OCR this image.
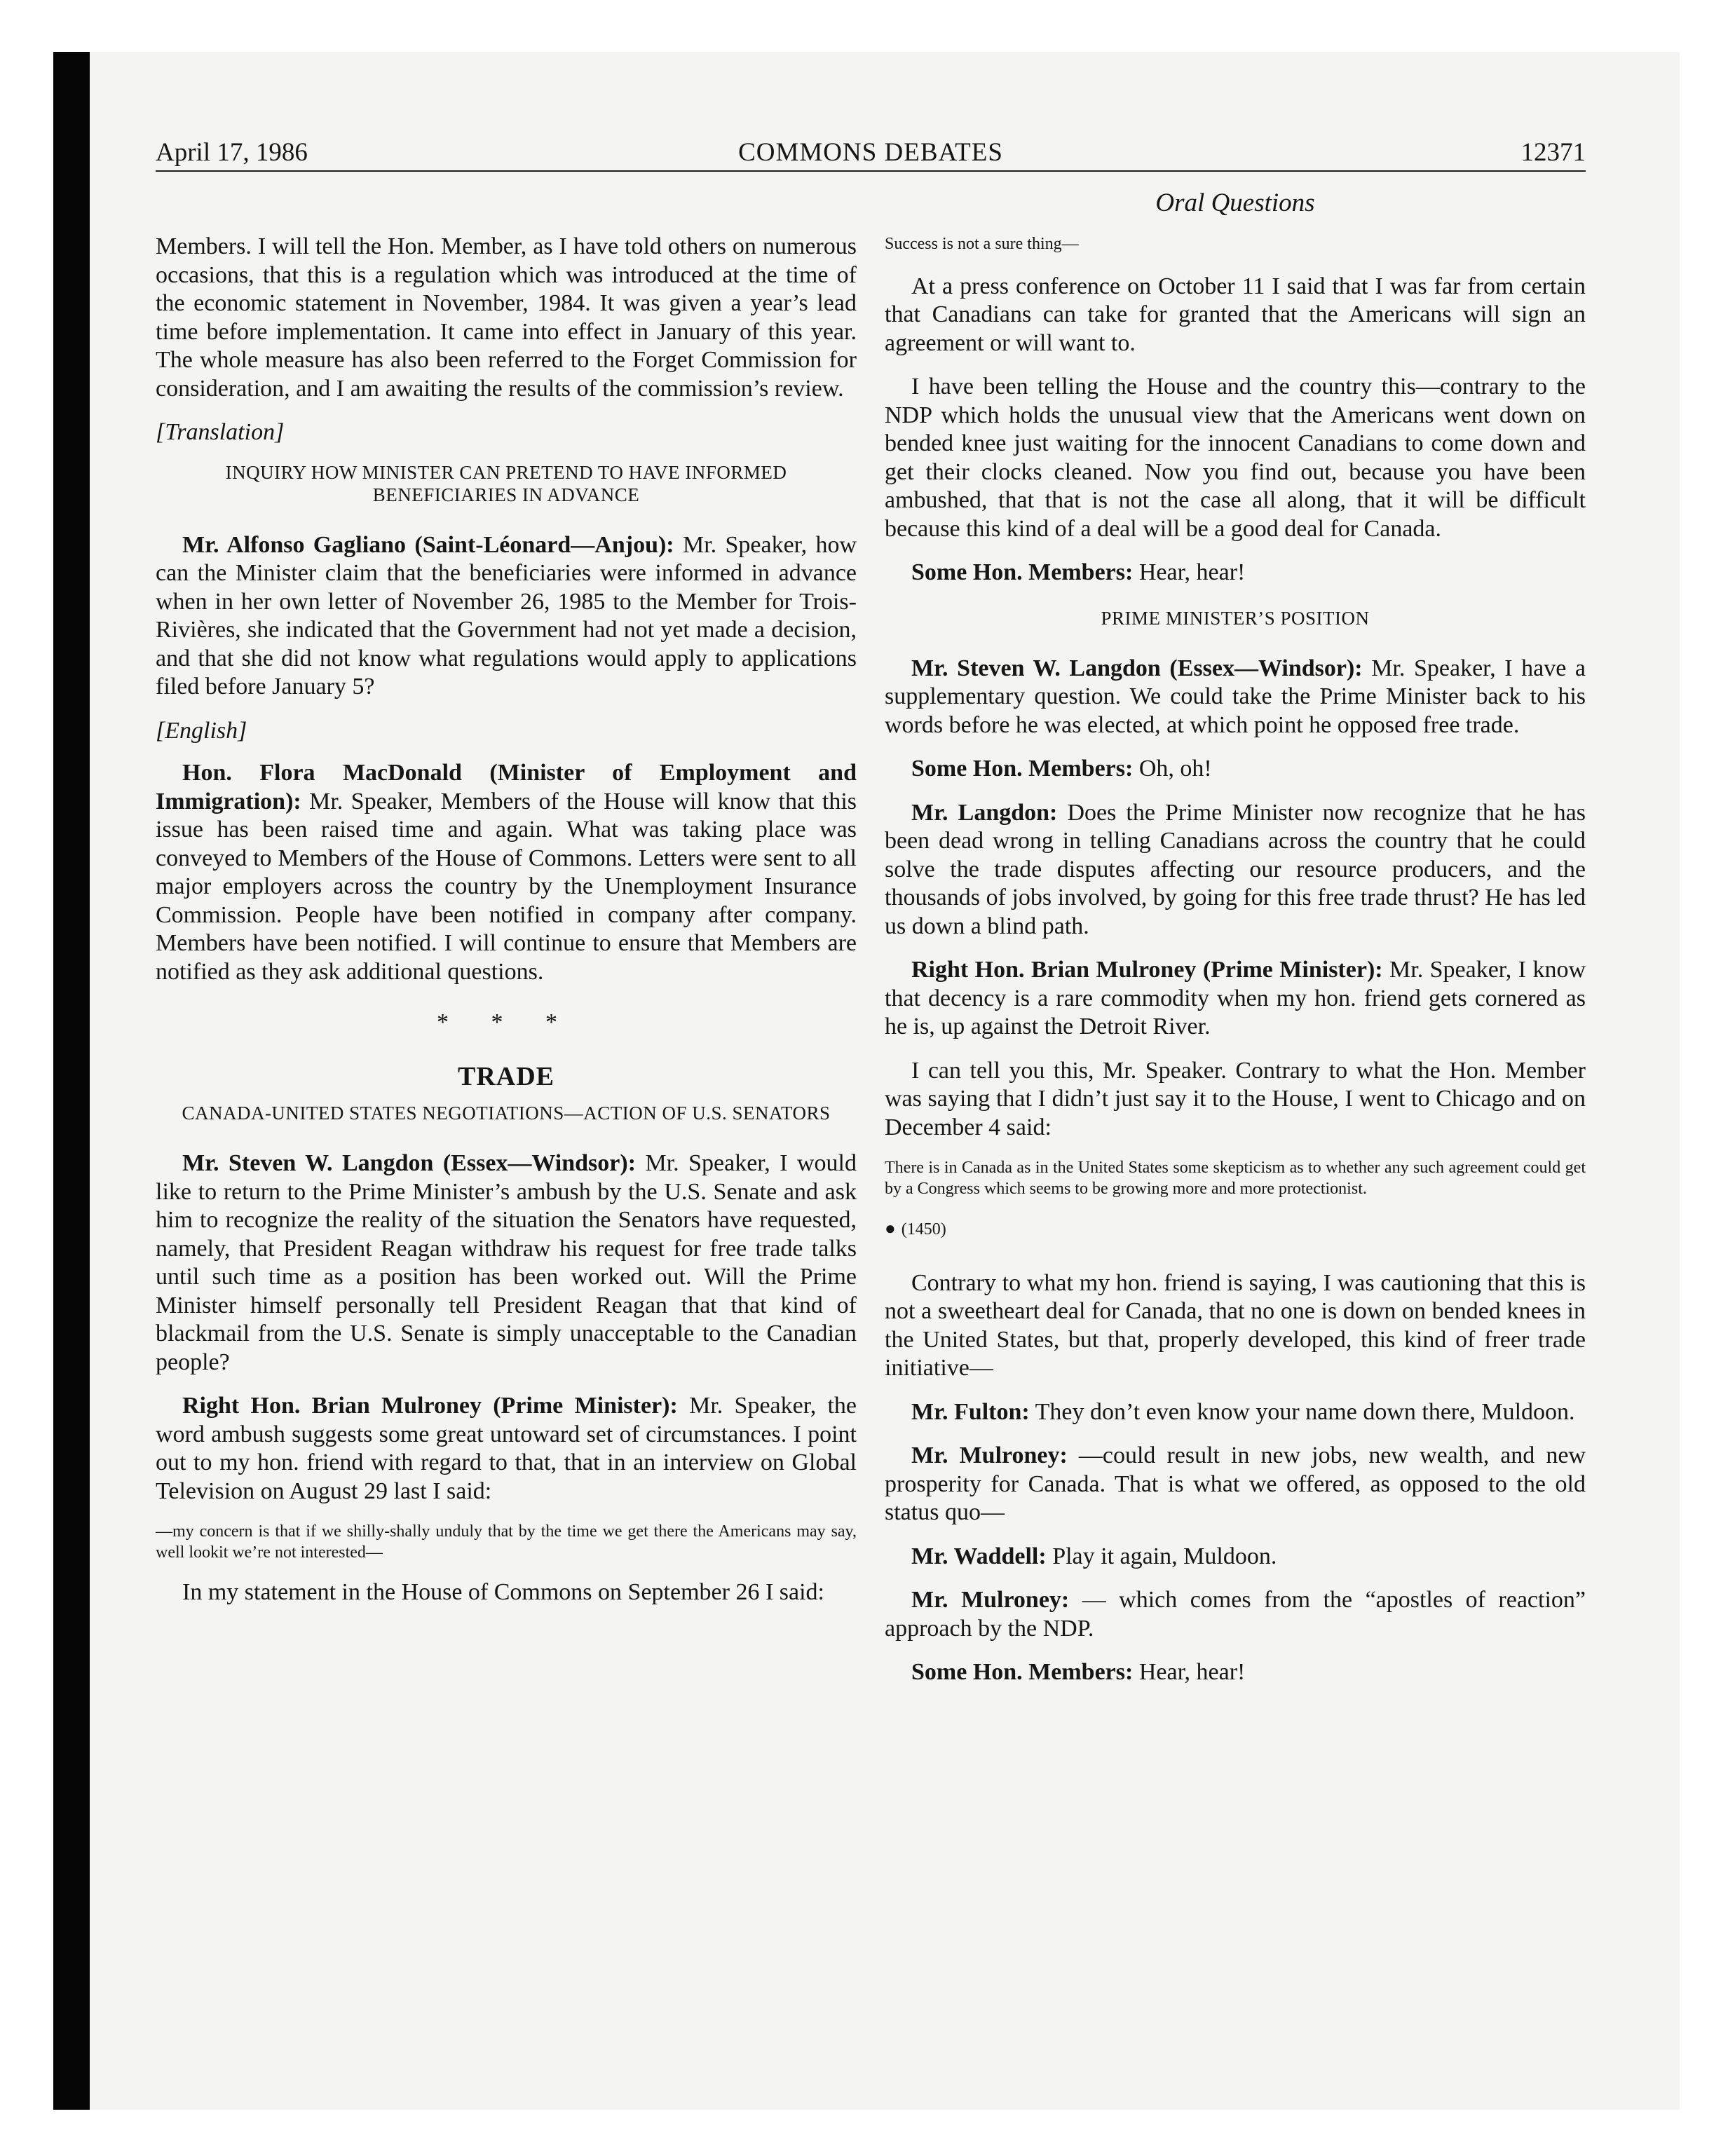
April 17, 1986	COMMONS DEBATES	12371
Oral Questions

Members. I will tell the Hon. Member, as I have told others on numerous occasions, that this is a regulation which was introduced at the time of the economic statement in November, 1984. It was given a year’s lead time before implementation. It came into effect in January of this year. The whole measure has also been referred to the Forget Commission for consideration, and I am awaiting the results of the commission’s review.

[Translation]
INQUIRY HOW MINISTER CAN PRETEND TO HAVE INFORMED BENEFICIARIES IN ADVANCE

Mr. Alfonso Gagliano (Saint-Léonard—Anjou): Mr. Speaker, how can the Minister claim that the beneficiaries were informed in advance when in her own letter of November 26, 1985 to the Member for Trois-Rivières, she indicated that the Government had not yet made a decision, and that she did not know what regulations would apply to applications filed before January 5?

[English]

Hon. Flora MacDonald (Minister of Employment and Immigration): Mr. Speaker, Members of the House will know that this issue has been raised time and again. What was taking place was conveyed to Members of the House of Commons. Letters were sent to all major employers across the country by the Unemployment Insurance Commission. People have been notified in company after company. Members have been notified. I will continue to ensure that Members are notified as they ask additional questions.

* * *
TRADE
CANADA-UNITED STATES NEGOTIATIONS—ACTION OF U.S. SENATORS

Mr. Steven W. Langdon (Essex—Windsor): Mr. Speaker, I would like to return to the Prime Minister’s ambush by the U.S. Senate and ask him to recognize the reality of the situation the Senators have requested, namely, that President Reagan withdraw his request for free trade talks until such time as a position has been worked out. Will the Prime Minister himself personally tell President Reagan that that kind of blackmail from the U.S. Senate is simply unacceptable to the Canadian people?

Right Hon. Brian Mulroney (Prime Minister): Mr. Speaker, the word ambush suggests some great untoward set of circumstances. I point out to my hon. friend with regard to that, that in an interview on Global Television on August 29 last I said:

—my concern is that if we shilly-shally unduly that by the time we get there the Americans may say, well lookit we’re not interested—

In my statement in the House of Commons on September 26 I said:

Success is not a sure thing—

At a press conference on October 11 I said that I was far from certain that Canadians can take for granted that the Americans will sign an agreement or will want to.

I have been telling the House and the country this—contrary to the NDP which holds the unusual view that the Americans went down on bended knee just waiting for the innocent Canadians to come down and get their clocks cleaned. Now you find out, because you have been ambushed, that that is not the case all along, that it will be difficult because this kind of a deal will be a good deal for Canada.

Some Hon. Members: Hear, hear!

PRIME MINISTER’S POSITION

Mr. Steven W. Langdon (Essex—Windsor): Mr. Speaker, I have a supplementary question. We could take the Prime Minister back to his words before he was elected, at which point he opposed free trade.

Some Hon. Members: Oh, oh!

Mr. Langdon: Does the Prime Minister now recognize that he has been dead wrong in telling Canadians across the country that he could solve the trade disputes affecting our resource producers, and the thousands of jobs involved, by going for this free trade thrust? He has led us down a blind path.

Right Hon. Brian Mulroney (Prime Minister): Mr. Speaker, I know that decency is a rare commodity when my hon. friend gets cornered as he is, up against the Detroit River.

I can tell you this, Mr. Speaker. Contrary to what the Hon. Member was saying that I didn’t just say it to the House, I went to Chicago and on December 4 said:

There is in Canada as in the United States some skepticism as to whether any such agreement could get by a Congress which seems to be growing more and more protectionist.
● (1450)

Contrary to what my hon. friend is saying, I was cautioning that this is not a sweetheart deal for Canada, that no one is down on bended knees in the United States, but that, properly developed, this kind of freer trade initiative—

Mr. Fulton: They don’t even know your name down there, Muldoon.

Mr. Mulroney: —could result in new jobs, new wealth, and new prosperity for Canada. That is what we offered, as opposed to the old status quo—

Mr. Waddell: Play it again, Muldoon.

Mr. Mulroney: — which comes from the “apostles of reaction” approach by the NDP.

Some Hon. Members: Hear, hear!
